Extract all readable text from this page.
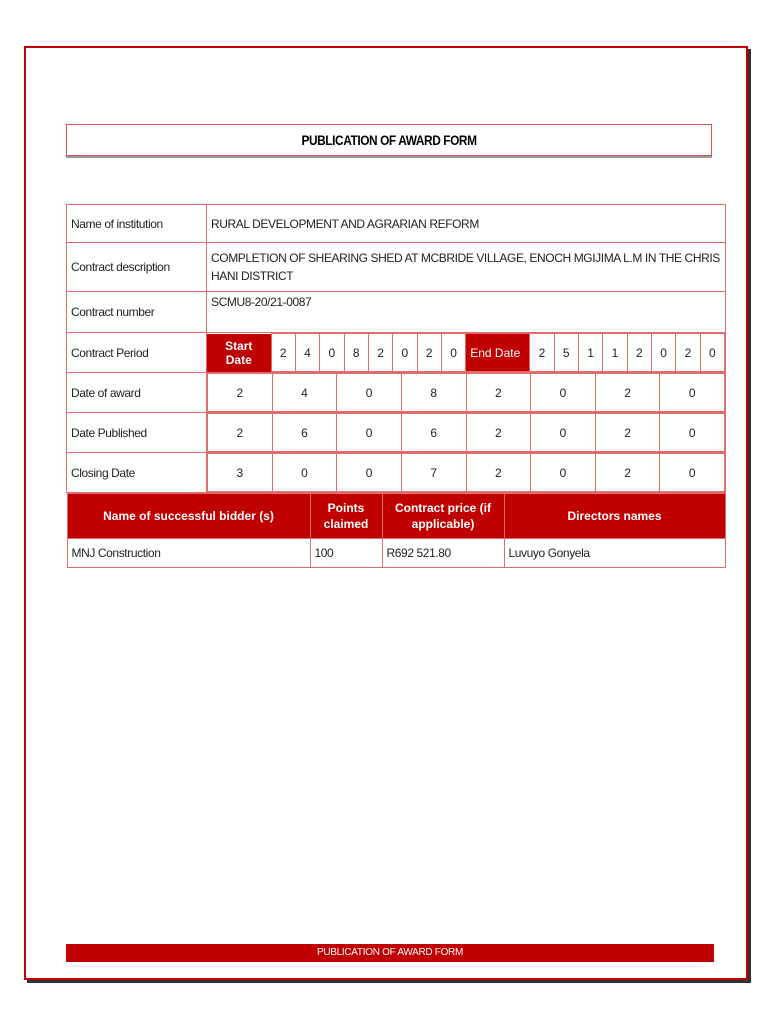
PUBLICATION OF AWARD FORM
Name of institution	RURAL DEVELOPMENT AND AGRARIAN REFORM
Contract description	COMPLETION OF SHEARING SHED AT MCBRIDE VILLAGE, ENOCH MGIJIMA L.M IN THE CHRIS HANI DISTRICT
Contract number	SCMU8-20/21-0087
Contract Period		Start Date	2	4	0	8	2	0	2	0	End Date	2	5	1	1	2	0	2	0

Date of award		2	4	0	8	2	0	2	0

Date Published		2	6	0	6	2	0	2	0

Closing Date		3	0	0	7	2	0	2	0

Name of successful bidder (s)	Points claimed	Contract price (if applicable)	Directors names
MNJ Construction	100	R692 521.80	Luvuyo Gonyela
PUBLICATION OF AWARD FORM
